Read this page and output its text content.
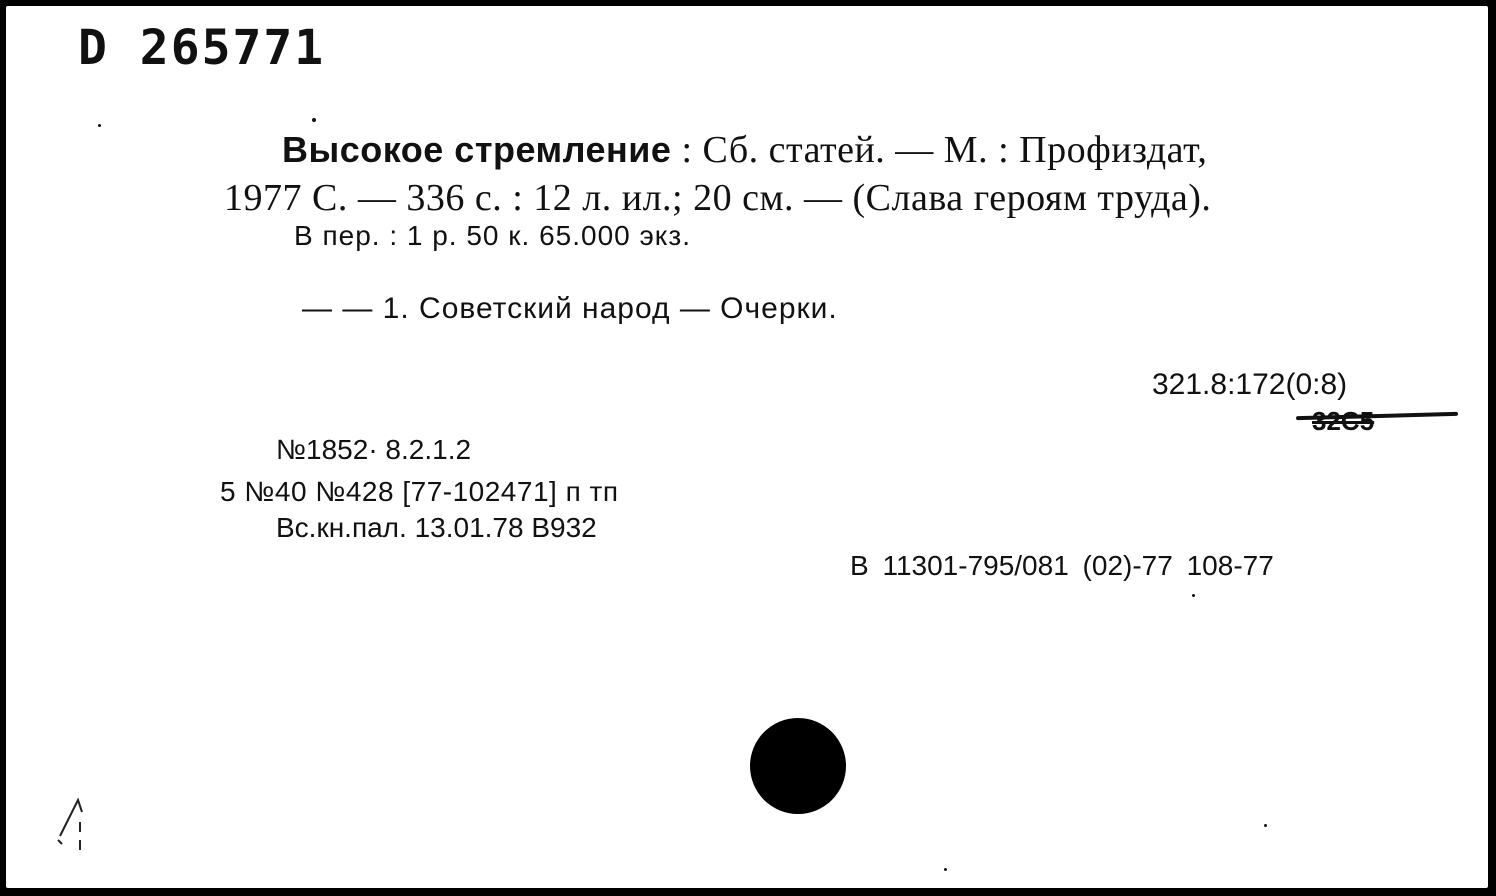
D 265771
Высокое стремление : Сб. статей. — М. : Профиздат,
1977 С. — 336 с. : 12 л. ил.; 20 см. — (Слава героям труда).
В пер. : 1 р. 50 к. 65.000 экз.
— — 1. Советский народ — Очерки.
321.8:172(0:8)
32С5
№1852· 8.2.1.2
5 №40 №428 [77-102471] п тп
Вс.кн.пал. 13.01.78 В932
В 11301-795/081 (02)-77 108-77
